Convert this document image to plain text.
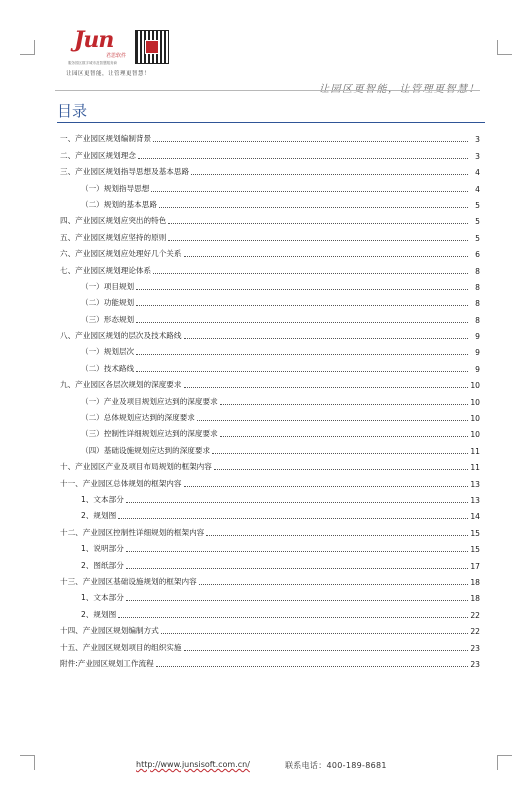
Jun
君思软件
服务园区数字城市及智慧服务商
让园区更智能，让管理更智慧！
目录
一、产业园区规划编制背景	3
二、产业园区规划理念	3
三、产业园区规划指导思想及基本思路	4
（一）规划指导思想	4
（二）规划的基本思路	5
四、产业园区规划应突出的特色	5
五、产业园区规划应坚持的原则	5
六、产业园区规划应处理好几个关系	6
七、产业园区规划理论体系	8
（一）项目规划	8
（二）功能规划	8
（三）形态规划	8
八、产业园区规划的层次及技术路线	9
（一）规划层次	9
（二）技术路线	9
九、产业园区各层次规划的深度要求	10
（一）产业及项目规划应达到的深度要求	10
（二）总体规划应达到的深度要求	10
（三）控制性详细规划应达到的深度要求	10
（四）基础设施规划应达到的深度要求	11
十、产业园区产业及项目布局规划的框架内容	11
十一、产业园区总体规划的框架内容	13
1、文本部分	13
2、规划图	14
十二、产业园区控制性详细规划的框架内容	15
1、说明部分	15
2、图纸部分	17
十三、产业园区基础设施规划的框架内容	18
1、文本部分	18
2、规划图	22
十四、产业园区规划编制方式	22
十五、产业园区规划项目的组织实施	23
附件:产业园区规划工作流程	23
http://www.junsisoft.com.cn/	联系电话：400-189-8681
